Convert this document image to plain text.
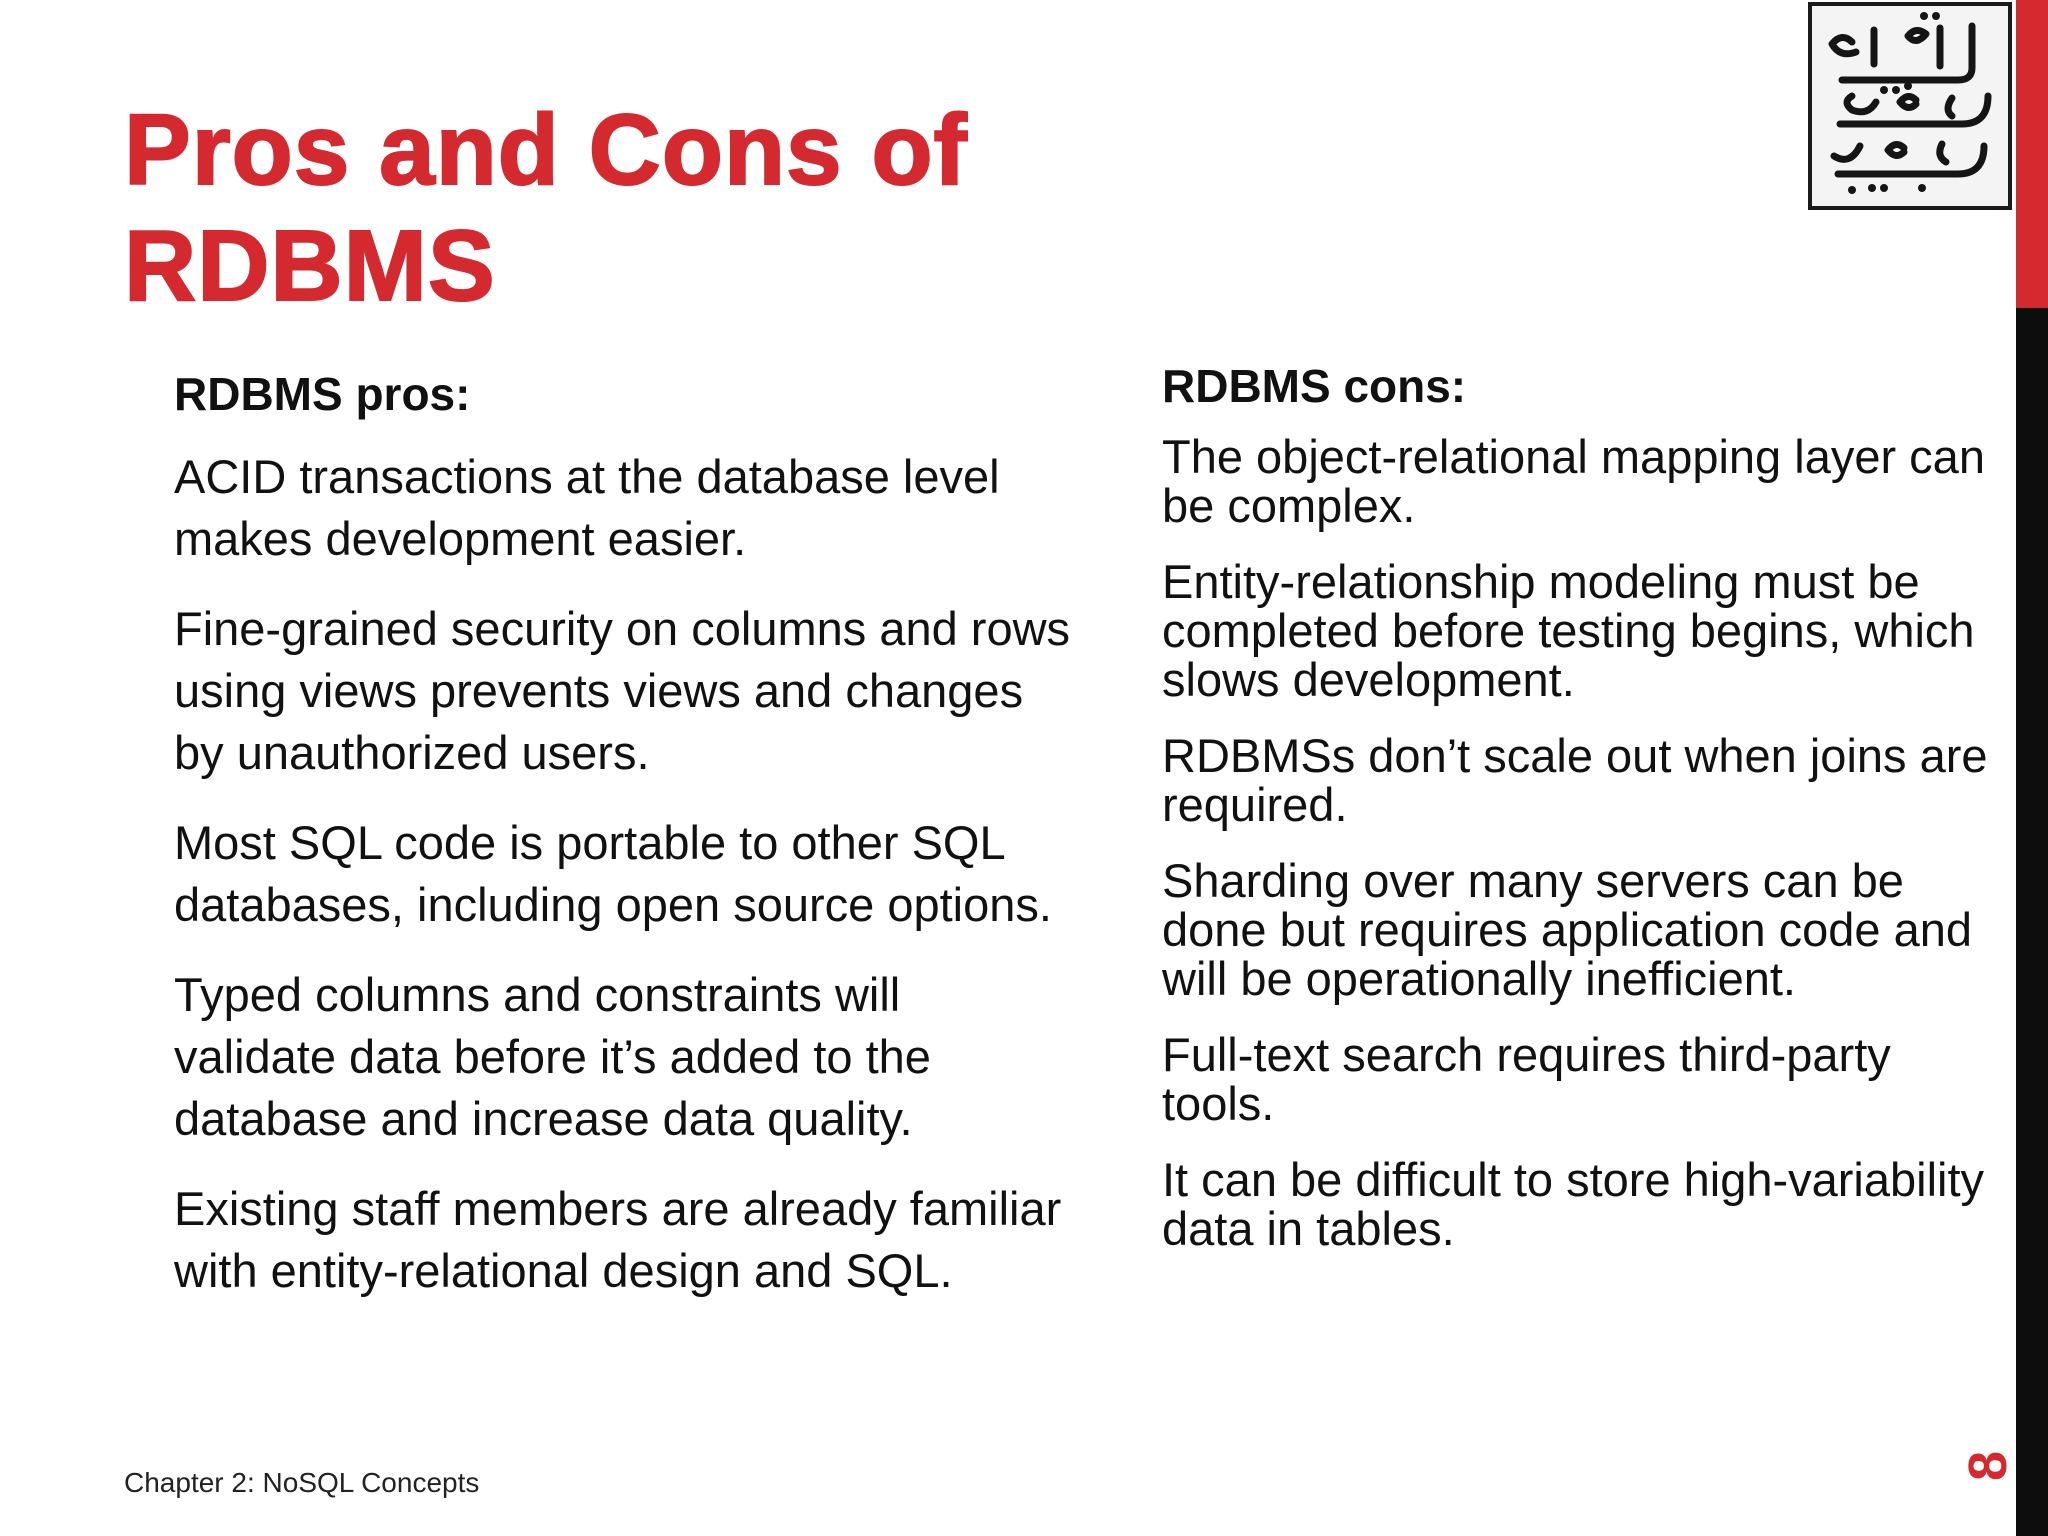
Pros and Cons of
RDBMS

RDBMS pros:

ACID transactions at the database level makes development easier.

Fine-grained security on columns and rows using views prevents views and changes by unauthorized users.

Most SQL code is portable to other SQL databases, including open source options.

Typed columns and constraints will validate data before it’s added to the database and increase data quality.

Existing staff members are already familiar with entity-relational design and SQL.

RDBMS cons:

The object-relational mapping layer can be complex.

Entity-relationship modeling must be completed before testing begins, which slows development.

RDBMSs don’t scale out when joins are required.

Sharding over many servers can be done but requires application code and will be operationally inefficient.

Full-text search requires third-party tools.

It can be difficult to store high-variability data in tables.

Chapter 2: NoSQL Concepts
8
